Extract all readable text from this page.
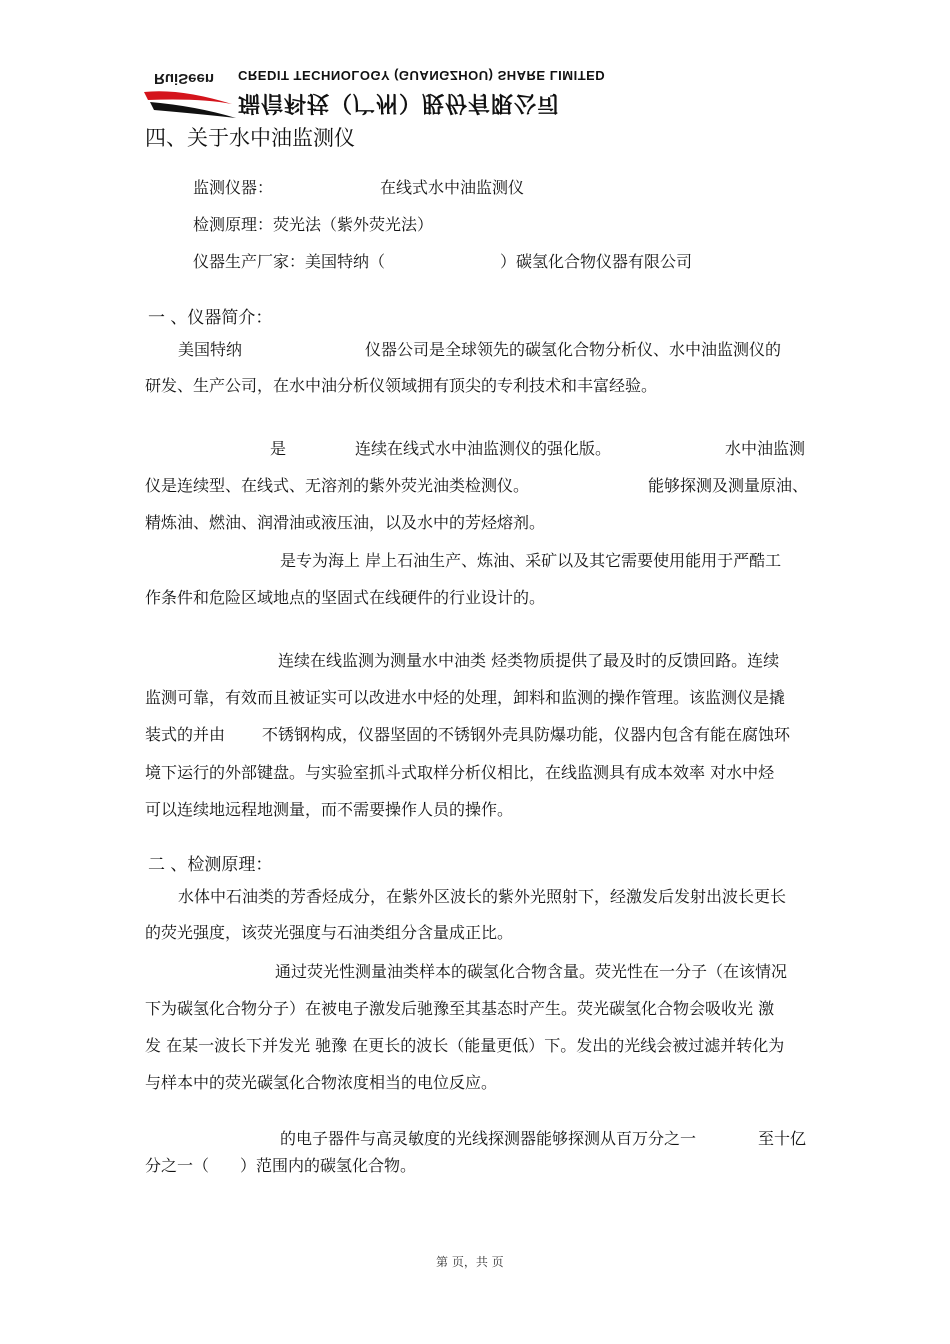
RuiSeen CREDIT TECHNOLOGY (GUANGZHOU) SHARE LIMITED
瑞信科技（广州）股份有限公司
四、关于水中油监测仪
监测仪器：	在线式水中油监测仪
检测原理：荧光法（紫外荧光法）
仪器生产厂家：美国特纳（	）碳氢化合物仪器有限公司
一 、仪器简介：
美国特纳	仪器公司是全球领先的碳氢化合物分析仪、水中油监测仪的
研发、生产公司，在水中油分析仪领域拥有顶尖的专利技术和丰富经验。
是	连续在线式水中油监测仪的强化版。	水中油监测
仪是连续型、在线式、无溶剂的紫外荧光油类检测仪。	能够探测及测量原油、
精炼油、燃油、润滑油或液压油，以及水中的芳烃熔剂。
是专为海上 岸上石油生产、炼油、采矿以及其它需要使用能用于严酷工
作条件和危险区域地点的坚固式在线硬件的行业设计的。
连续在线监测为测量水中油类 烃类物质提供了最及时的反馈回路。连续
监测可靠，有效而且被证实可以改进水中烃的处理，卸料和监测的操作管理。该监测仪是撬
装式的并由 不锈钢构成，仪器坚固的不锈钢外壳具防爆功能，仪器内包含有能在腐蚀环
境下运行的外部键盘。与实验室抓斗式取样分析仪相比，在线监测具有成本效率 对水中烃
可以连续地远程地测量，而不需要操作人员的操作。
二 、检测原理：
水体中石油类的芳香烃成分，在紫外区波长的紫外光照射下，经激发后发射出波长更长
的荧光强度，该荧光强度与石油类组分含量成正比。
通过荧光性测量油类样本的碳氢化合物含量。荧光性在一分子（在该情况
下为碳氢化合物分子）在被电子激发后驰豫至其基态时产生。荧光碳氢化合物会吸收光 激
发 在某一波长下并发光 驰豫 在更长的波长（能量更低）下。发出的光线会被过滤并转化为
与样本中的荧光碳氢化合物浓度相当的电位反应。
的电子器件与高灵敏度的光线探测器能够探测从百万分之一	至十亿
分之一（ ）范围内的碳氢化合物。
第 页，共 页
